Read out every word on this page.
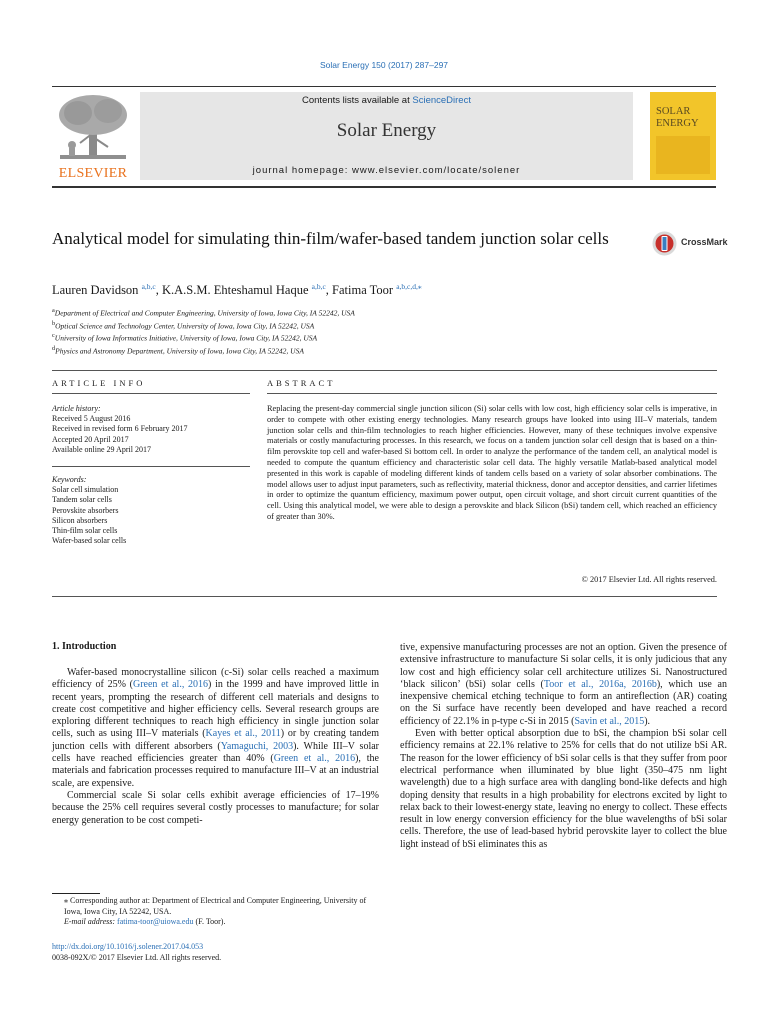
Solar Energy 150 (2017) 287–297
ELSEVIER
Contents lists available at ScienceDirect
Solar Energy
journal homepage: www.elsevier.com/locate/solener
SOLAR
ENERGY
Analytical model for simulating thin-film/wafer-based tandem junction solar cells	CrossMark
Lauren Davidson $^{a,b,c}$, K.A.S.M. Ehteshamul Haque $^{a,b,c}$, Fatima Toor $^{a,b,c,d,⁎}$
$^a$Department of Electrical and Computer Engineering, University of Iowa, Iowa City, IA 52242, USA
$^b$Optical Science and Technology Center, University of Iowa, Iowa City, IA 52242, USA
$^c$University of Iowa Informatics Initiative, University of Iowa, Iowa City, IA 52242, USA
$^d$Physics and Astronomy Department, University of Iowa, Iowa City, IA 52242, USA
ARTICLE INFO	ABSTRACT
Article history:
Received 5 August 2016
Received in revised form 6 February 2017
Accepted 20 April 2017
Available online 29 April 2017
Keywords:
Solar cell simulation
Tandem solar cells
Perovskite absorbers
Silicon absorbers
Thin-film solar cells
Wafer-based solar cells
Replacing the present-day commercial single junction silicon (Si) solar cells with low cost, high efficiency solar cells is imperative, in order to compete with other existing energy technologies. Many research groups have looked into using III–V materials, tandem junction solar cells and thin-film technologies to reach higher efficiencies. However, many of these techniques involve expensive materials or costly manufacturing processes. In this research, we focus on a tandem junction solar cell design that is based on a thin-film perovskite top cell and wafer-based Si bottom cell. In order to analyze the performance of the tandem cell, an analytical model is needed to compute the quantum efficiency and characteristic solar cell data. The highly versatile Matlab-based analytical model presented in this work is capable of modeling different kinds of tandem cells based on a variety of solar absorber combinations. The model allows user to adjust input parameters, such as reflectivity, material thickness, donor and acceptor densities, and carrier lifetimes in order to optimize the quantum efficiency, maximum power output, open circuit voltage, and short circuit current quantities of the cell. Using this analytical model, we were able to design a perovskite and black Silicon (bSi) tandem cell, which reached an efficiency of greater than 30%.
© 2017 Elsevier Ltd. All rights reserved.
1. Introduction

Wafer-based monocrystalline silicon (c-Si) solar cells reached a maximum efficiency of 25% (Green et al., 2016) in the 1999 and have improved little in recent years, prompting the research of different cell materials and designs to create cost competitive and higher efficiency cells. Several research groups are exploring different techniques to reach high efficiency in single junction solar cells, such as using III–V materials (Kayes et al., 2011) or by creating tandem junction cells with different absorbers (Yamaguchi, 2003). While III–V solar cells have reached efficiencies greater than 40% (Green et al., 2016), the materials and fabrication processes required to manufacture III–V at an industrial scale, are expensive.

Commercial scale Si solar cells exhibit average efficiencies of 17–19% because the 25% cell requires several costly processes to manufacture; for solar energy generation to be cost competi-

tive, expensive manufacturing processes are not an option. Given the presence of extensive infrastructure to manufacture Si solar cells, it is only judicious that any low cost and high efficiency solar cell architecture utilizes Si. Nanostructured ‘black silicon’ (bSi) solar cells (Toor et al., 2016a, 2016b), which use an inexpensive chemical etching technique to form an antireflection (AR) coating on the Si surface have recently been developed and have reached a record efficiency of 22.1% in p-type c-Si in 2015 (Savin et al., 2015).

Even with better optical absorption due to bSi, the champion bSi solar cell efficiency remains at 22.1% relative to 25% for cells that do not utilize bSi AR. The reason for the lower efficiency of bSi solar cells is that they suffer from poor electrical performance when illuminated by blue light (350–475 nm light wavelength) due to a high surface area with dangling bond-like defects and high doping density that results in a high probability for electrons excited by light to relax back to their lowest-energy state, leaving no energy to collect. These effects result in low energy conversion efficiency for the blue wavelengths of bSi solar cells. Therefore, the use of lead-based hybrid perovskite layer to collect the blue light instead of bSi eliminates this as

⁎ Corresponding author at: Department of Electrical and Computer Engineering, University of Iowa, Iowa City, IA 52242, USA.
E-mail address: fatima-toor@uiowa.edu (F. Toor).
http://dx.doi.org/10.1016/j.solener.2017.04.053
0038-092X/© 2017 Elsevier Ltd. All rights reserved.
